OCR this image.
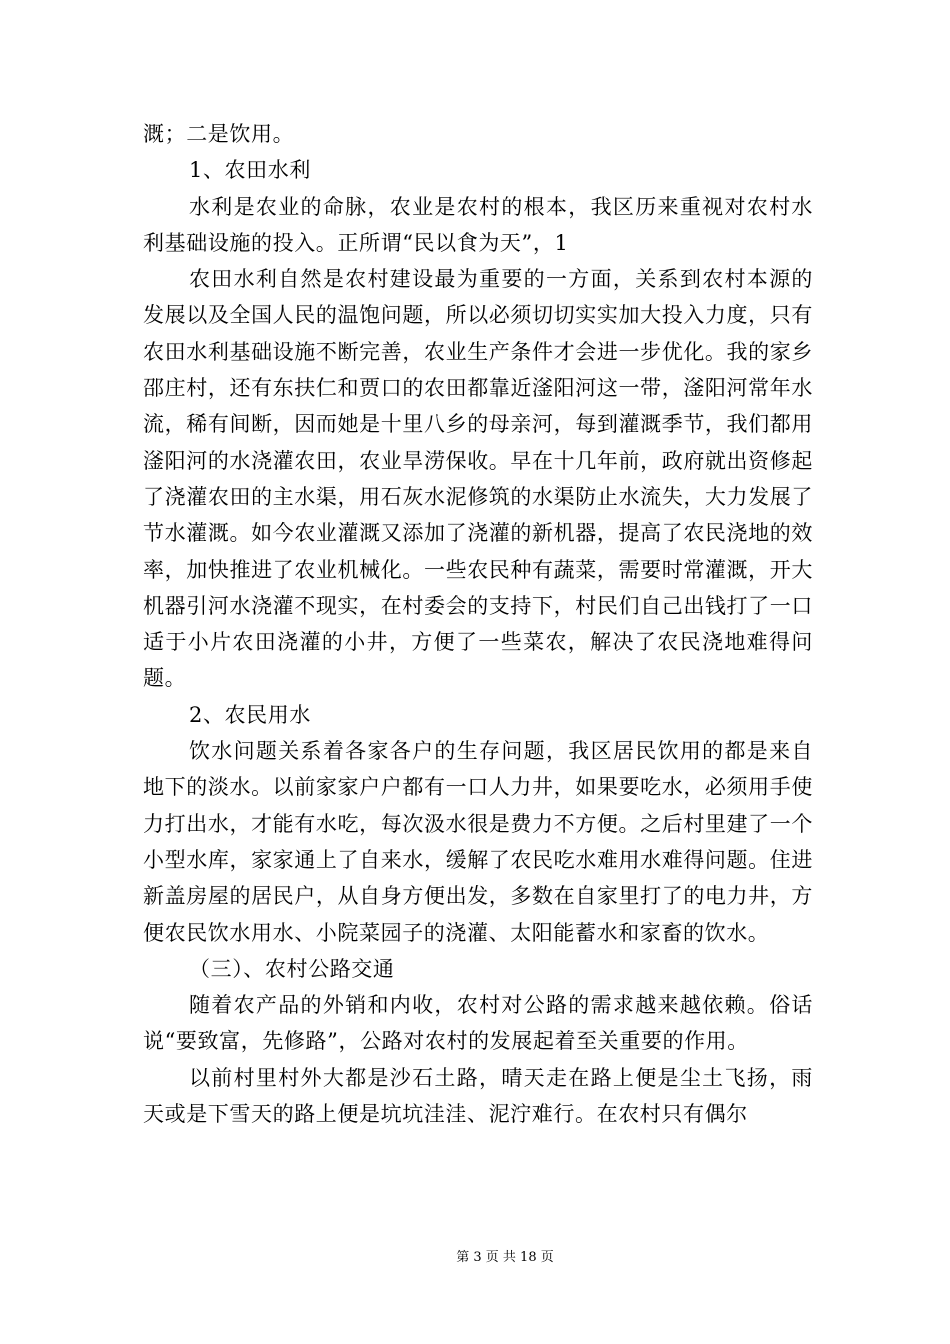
溉；二是饮用。

1、农田水利

水利是农业的命脉，农业是农村的根本，我区历来重视对农村水利基础设施的投入。正所谓“民以食为天”，1

农田水利自然是农村建设最为重要的一方面，关系到农村本源的发展以及全国人民的温饱问题，所以必须切切实实加大投入力度，只有农田水利基础设施不断完善，农业生产条件才会进一步优化。我的家乡邵庄村，还有东扶仁和贾口的农田都靠近滏阳河这一带，滏阳河常年水流，稀有间断，因而她是十里八乡的母亲河，每到灌溉季节，我们都用滏阳河的水浇灌农田，农业旱涝保收。早在十几年前，政府就出资修起了浇灌农田的主水渠，用石灰水泥修筑的水渠防止水流失，大力发展了节水灌溉。如今农业灌溉又添加了浇灌的新机器，提高了农民浇地的效率，加快推进了农业机械化。一些农民种有蔬菜，需要时常灌溉，开大机器引河水浇灌不现实，在村委会的支持下，村民们自己出钱打了一口适于小片农田浇灌的小井，方便了一些菜农，解决了农民浇地难得问题。

2、农民用水

饮水问题关系着各家各户的生存问题，我区居民饮用的都是来自地下的淡水。以前家家户户都有一口人力井，如果要吃水，必须用手使力打出水，才能有水吃，每次汲水很是费力不方便。之后村里建了一个小型水库，家家通上了自来水，缓解了农民吃水难用水难得问题。住进新盖房屋的居民户，从自身方便出发，多数在自家里打了的电力井，方便农民饮水用水、小院菜园子的浇灌、太阳能蓄水和家畜的饮水。

（三）、农村公路交通

随着农产品的外销和内收，农村对公路的需求越来越依赖。俗话说“要致富，先修路”，公路对农村的发展起着至关重要的作用。

以前村里村外大都是沙石土路，晴天走在路上便是尘土飞扬，雨天或是下雪天的路上便是坑坑洼洼、泥泞难行。在农村只有偶尔

第 3 页 共 18 页
